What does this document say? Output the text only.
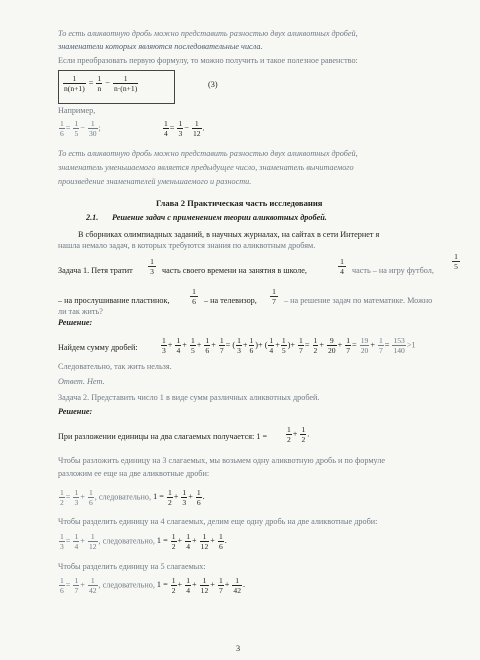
То есть аликвотную дробь можно представить разностью двух аликвотных дробей,
знаменатели которых являются последовательные числа.
Если преобразовать первую формулу, то можно получить и такое полезное равенство:
$\frac{1}{n(n+1)} = \frac{1}{n} - \frac{1}{n\cdot(n+1)}$	(3)
Например,
$\frac{1}{6} = \frac{1}{5} - \frac{1}{30}$ ;	$\frac{1}{4} = \frac{1}{3} - \frac{1}{12}$ .
То есть аликвотную дробь можно представить разностью двух аликвотных дробей,
знаменатель уменьшаемого является предыдущее число, знаменатель вычитаемого
произведение знаменателей уменьшаемого и разности.
Глава 2 Практическая часть исследования
2.1. Решение задач с применением теории аликвотных дробей.
В сборниках олимпиадных заданий, в научных журналах, на сайтах в сети Интернет я
нашла немало задач, в которых требуются знания по аликвотным дробям.
Задача 1. Петя тратит
1
3 часть своего времени на занятия в школе,
1
4 часть – на игру футбол,
1
5
– на прослушивание пластинок,
1
6 – на телевизор,
1
7 – на решение задач по математике. Можно
ли так жить?
Решение:
Найдем сумму дробей:	$\frac{1}{3} + \frac{1}{4} + \frac{1}{5} + \frac{1}{6} + \frac{1}{7}$ = ( $\frac{1}{3} + \frac{1}{6}$ )+ ( $\frac{1}{4} + \frac{1}{5}$ )+ $\frac{1}{7} = \frac{1}{2} + \frac{9}{20} + \frac{1}{7} = \frac{19}{20} + \frac{1}{7} = \frac{153}{140} >1$
Следовательно, так жить нельзя.
Ответ. Нет.
Задача 2. Представить число 1 в виде сумм различных аликвотных дробей.
Решение:
При разложении единицы на два слагаемых получается: $1 = \frac{1}{2} + \frac{1}{2}$ .
Чтобы разложить единицу на 3 слагаемых, мы возьмем одну аликвотную дробь и по формуле
разложим ее еще на две аликвотные дроби:
$\frac{1}{2} = \frac{1}{3} + \frac{1}{6}$ , следовательно, $1 = \frac{1}{2} + \frac{1}{3} + \frac{1}{6}$ .
Чтобы разделить единицу на 4 слагаемых, делим еще одну дробь на две аликвотные дроби:
$\frac{1}{3} = \frac{1}{4} + \frac{1}{12}$ , следовательно, $1 = \frac{1}{2} + \frac{1}{4} + \frac{1}{12} + \frac{1}{6}$ .
Чтобы разделить единицу на 5 слагаемых:
$\frac{1}{6} = \frac{1}{7} + \frac{1}{42}$ , следовательно, $1 = \frac{1}{2} + \frac{1}{4} + \frac{1}{12} + \frac{1}{7} + \frac{1}{42}$ .
3
